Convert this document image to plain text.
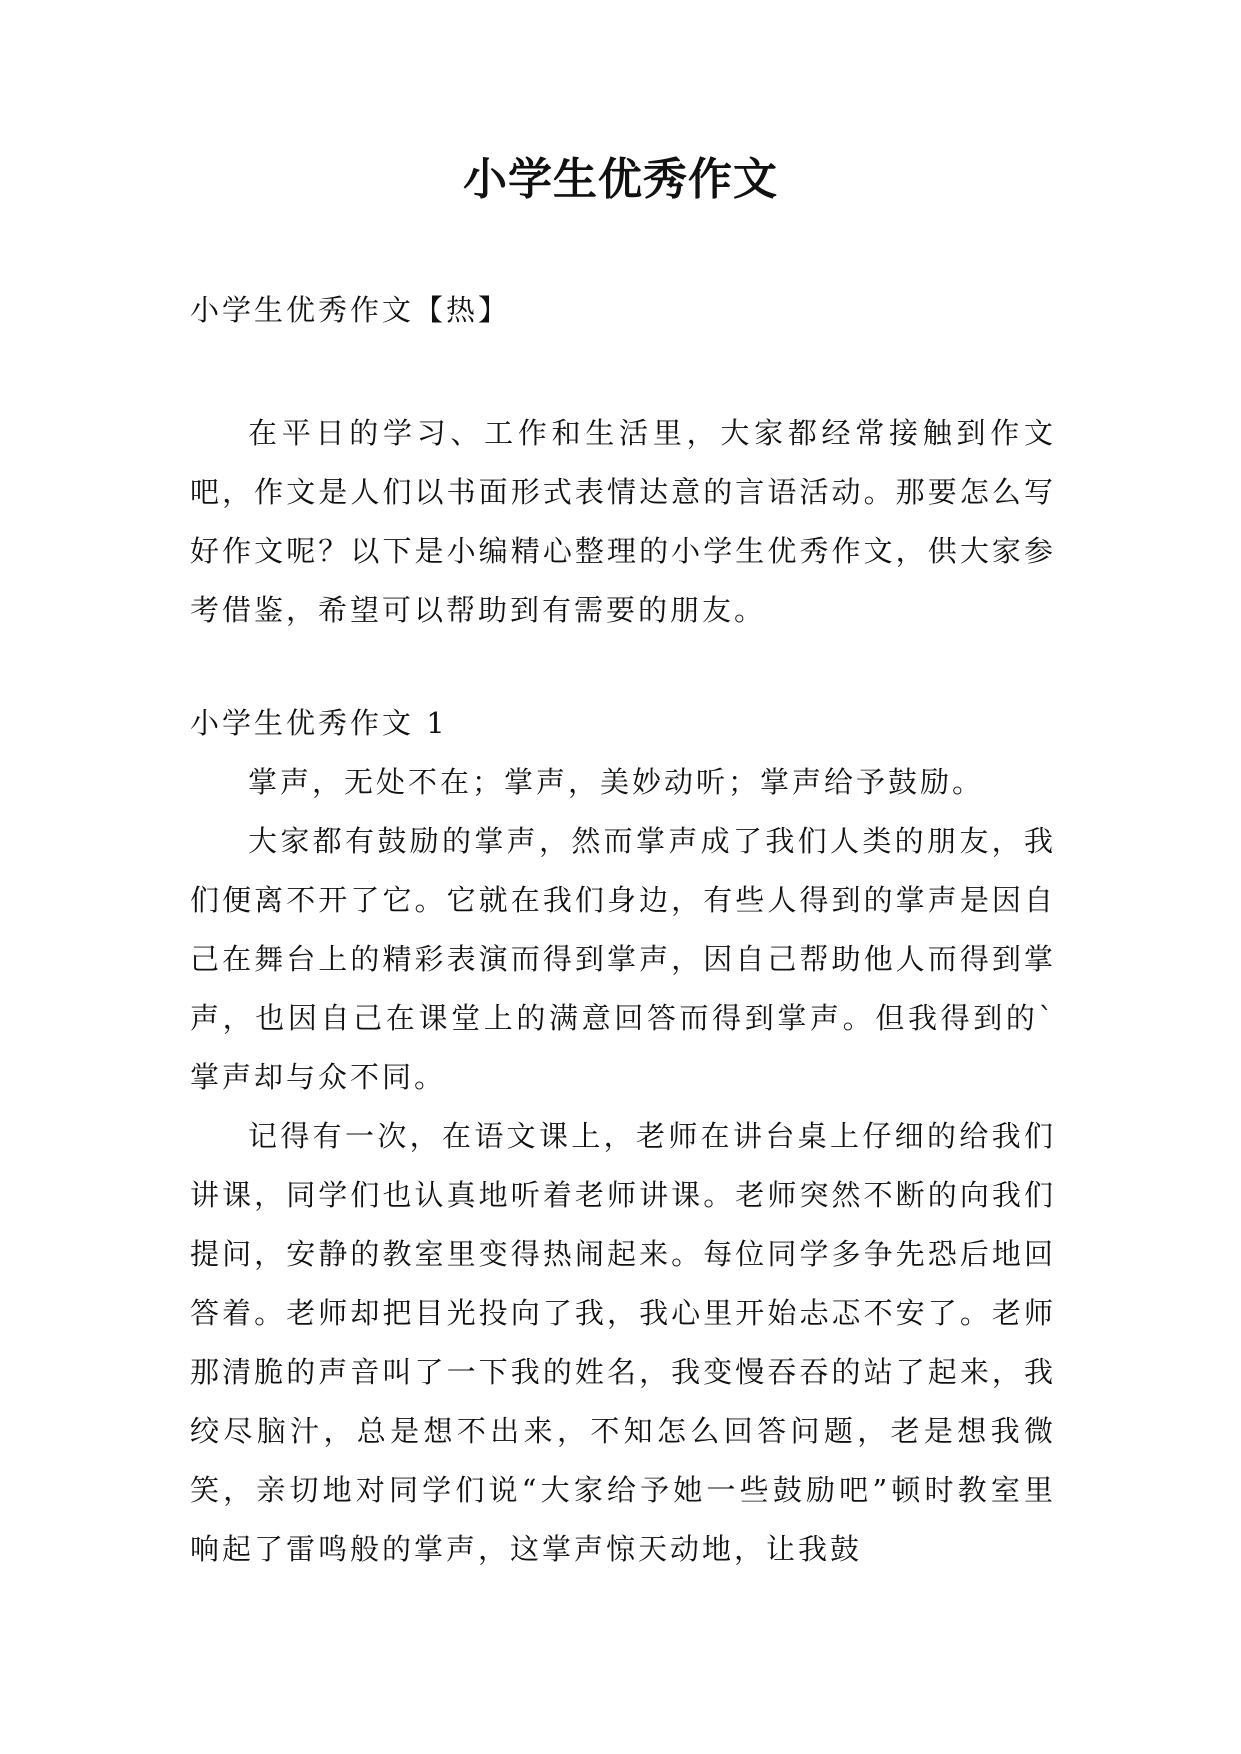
小学生优秀作文
小学生优秀作文【热】

在平日的学习、工作和生活里，大家都经常接触到作文吧，作文是人们以书面形式表情达意的言语活动。那要怎么写好作文呢？以下是小编精心整理的小学生优秀作文，供大家参考借鉴，希望可以帮助到有需要的朋友。

小学生优秀作文 1

掌声，无处不在；掌声，美妙动听；掌声给予鼓励。

大家都有鼓励的掌声，然而掌声成了我们人类的朋友，我们便离不开了它。它就在我们身边，有些人得到的掌声是因自己在舞台上的精彩表演而得到掌声，因自己帮助他人而得到掌声，也因自己在课堂上的满意回答而得到掌声。但我得到的`掌声却与众不同。

记得有一次，在语文课上，老师在讲台桌上仔细的给我们讲课，同学们也认真地听着老师讲课。老师突然不断的向我们提问，安静的教室里变得热闹起来。每位同学多争先恐后地回答着。老师却把目光投向了我，我心里开始忐忑不安了。老师那清脆的声音叫了一下我的姓名，我变慢吞吞的站了起来，我绞尽脑汁，总是想不出来，不知怎么回答问题，老是想我微笑，亲切地对同学们说“大家给予她一些鼓励吧”顿时教室里响起了雷鸣般的掌声，这掌声惊天动地，让我鼓
